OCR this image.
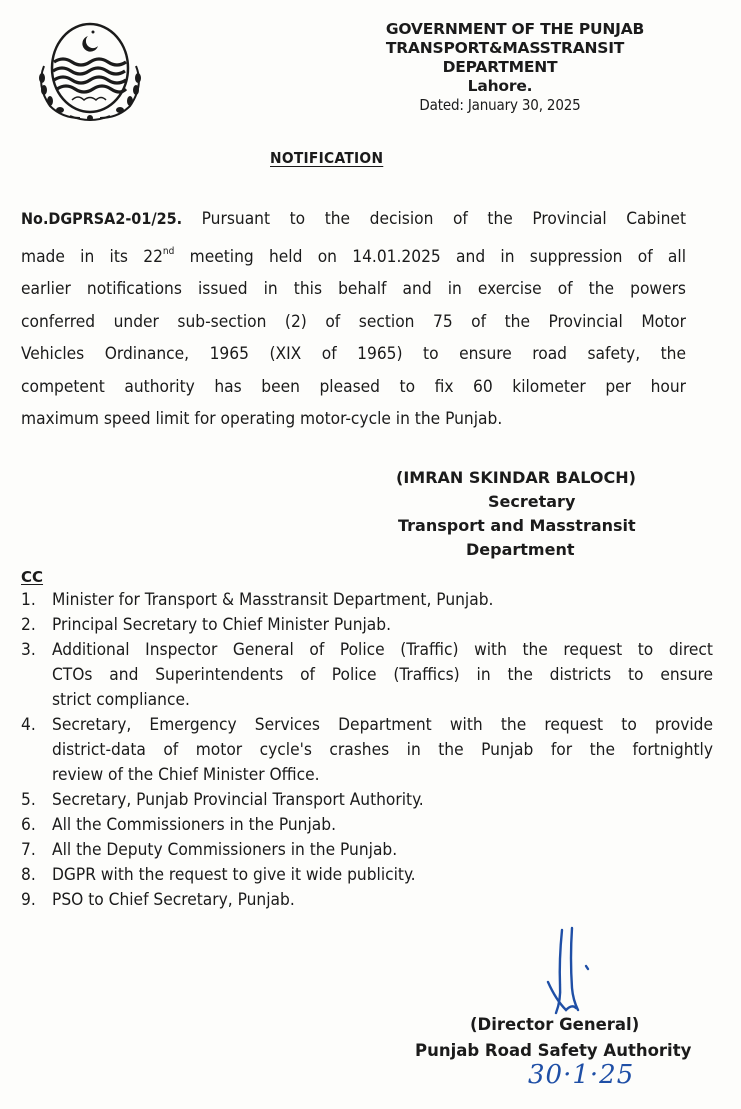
GOVERNMENT OF THE PUNJAB
TRANSPORT&MASSTRANSIT
DEPARTMENT
Lahore.
Dated: January 30, 2025
NOTIFICATION
No.DGPRSA2-01/25. Pursuant to the decision of the Provincial Cabinet
made in its 22nd meeting held on 14.01.2025 and in suppression of all
earlier notifications issued in this behalf and in exercise of the powers
conferred under sub-section (2) of section 75 of the Provincial Motor
Vehicles Ordinance, 1965 (XIX of 1965) to ensure road safety, the
competent authority has been pleased to fix 60 kilometer per hour
maximum speed limit for operating motor-cycle in the Punjab.
(IMRAN SKINDAR BALOCH)
Secretary
Transport and Masstransit
Department
CC
1. Minister for Transport & Masstransit Department, Punjab.
2. Principal Secretary to Chief Minister Punjab.
3. Additional Inspector General of Police (Traffic) with the request to direct
CTOs and Superintendents of Police (Traffics) in the districts to ensure
strict compliance.
4. Secretary, Emergency Services Department with the request to provide
district-data of motor cycle's crashes in the Punjab for the fortnightly
review of the Chief Minister Office.
5. Secretary, Punjab Provincial Transport Authority.
6. All the Commissioners in the Punjab.
7. All the Deputy Commissioners in the Punjab.
8. DGPR with the request to give it wide publicity.
9. PSO to Chief Secretary, Punjab.
(Director General)
Punjab Road Safety Authority
30·1·25
